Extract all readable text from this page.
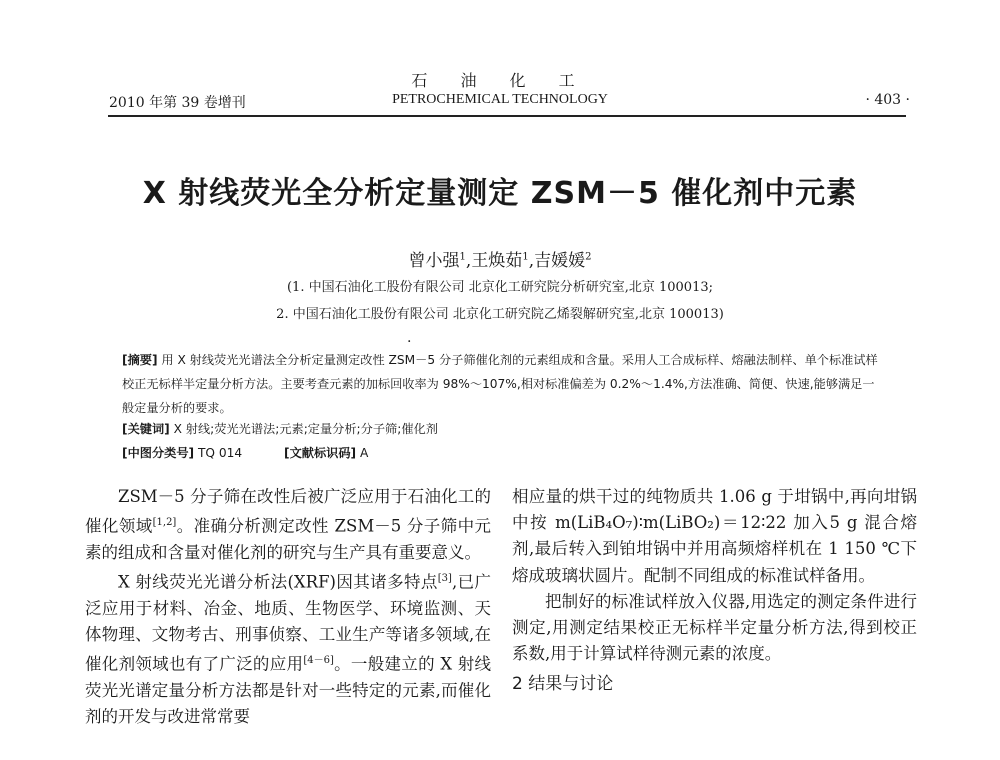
石 油 化 工
2010 年第 39 卷增刊	PETROCHEMICAL TECHNOLOGY	· 403 ·
X 射线荧光全分析定量测定 ZSM－5 催化剂中元素
曾小强$^1$,王焕茹$^1$,吉媛媛$^2$
(1. 中国石油化工股份有限公司 北京化工研究院分析研究室,北京 100013;
2. 中国石油化工股份有限公司 北京化工研究院乙烯裂解研究室,北京 100013)
.
[摘要] 用 X 射线荧光光谱法全分析定量测定改性 ZSM－5 分子筛催化剂的元素组成和含量。采用人工合成标样、熔融法制样、单个标准试样校正无标样半定量分析方法。主要考查元素的加标回收率为 98%～107%,相对标准偏差为 0.2%～1.4%,方法准确、简便、快速,能够满足一般定量分析的要求。
[关键词] X 射线;荧光光谱法;元素;定量分析;分子筛;催化剂
[中图分类号] TQ 014	[文献标识码] A

ZSM－5 分子筛在改性后被广泛应用于石油化工的催化领域[1,2]。准确分析测定改性 ZSM－5 分子筛中元素的组成和含量对催化剂的研究与生产具有重要意义。

X 射线荧光光谱分析法(XRF)因其诸多特点[3],已广泛应用于材料、冶金、地质、生物医学、环境监测、天体物理、文物考古、刑事侦察、工业生产等诸多领域,在催化剂领域也有了广泛的应用[4－6]。一般建立的 X 射线荧光光谱定量分析方法都是针对一些特定的元素,而催化剂的开发与改进常常要

相应量的烘干过的纯物质共 1.06 g 于坩锅中,再向坩锅中按 m(LiB₄O₇)∶m(LiBO₂)＝12∶22 加入5 g 混合熔剂,最后转入到铂坩锅中并用高频熔样机在 1 150 ℃下熔成玻璃状圆片。配制不同组成的标准试样备用。

把制好的标准试样放入仪器,用选定的测定条件进行测定,用测定结果校正无标样半定量分析方法,得到校正系数,用于计算试样待测元素的浓度。

2 结果与讨论
